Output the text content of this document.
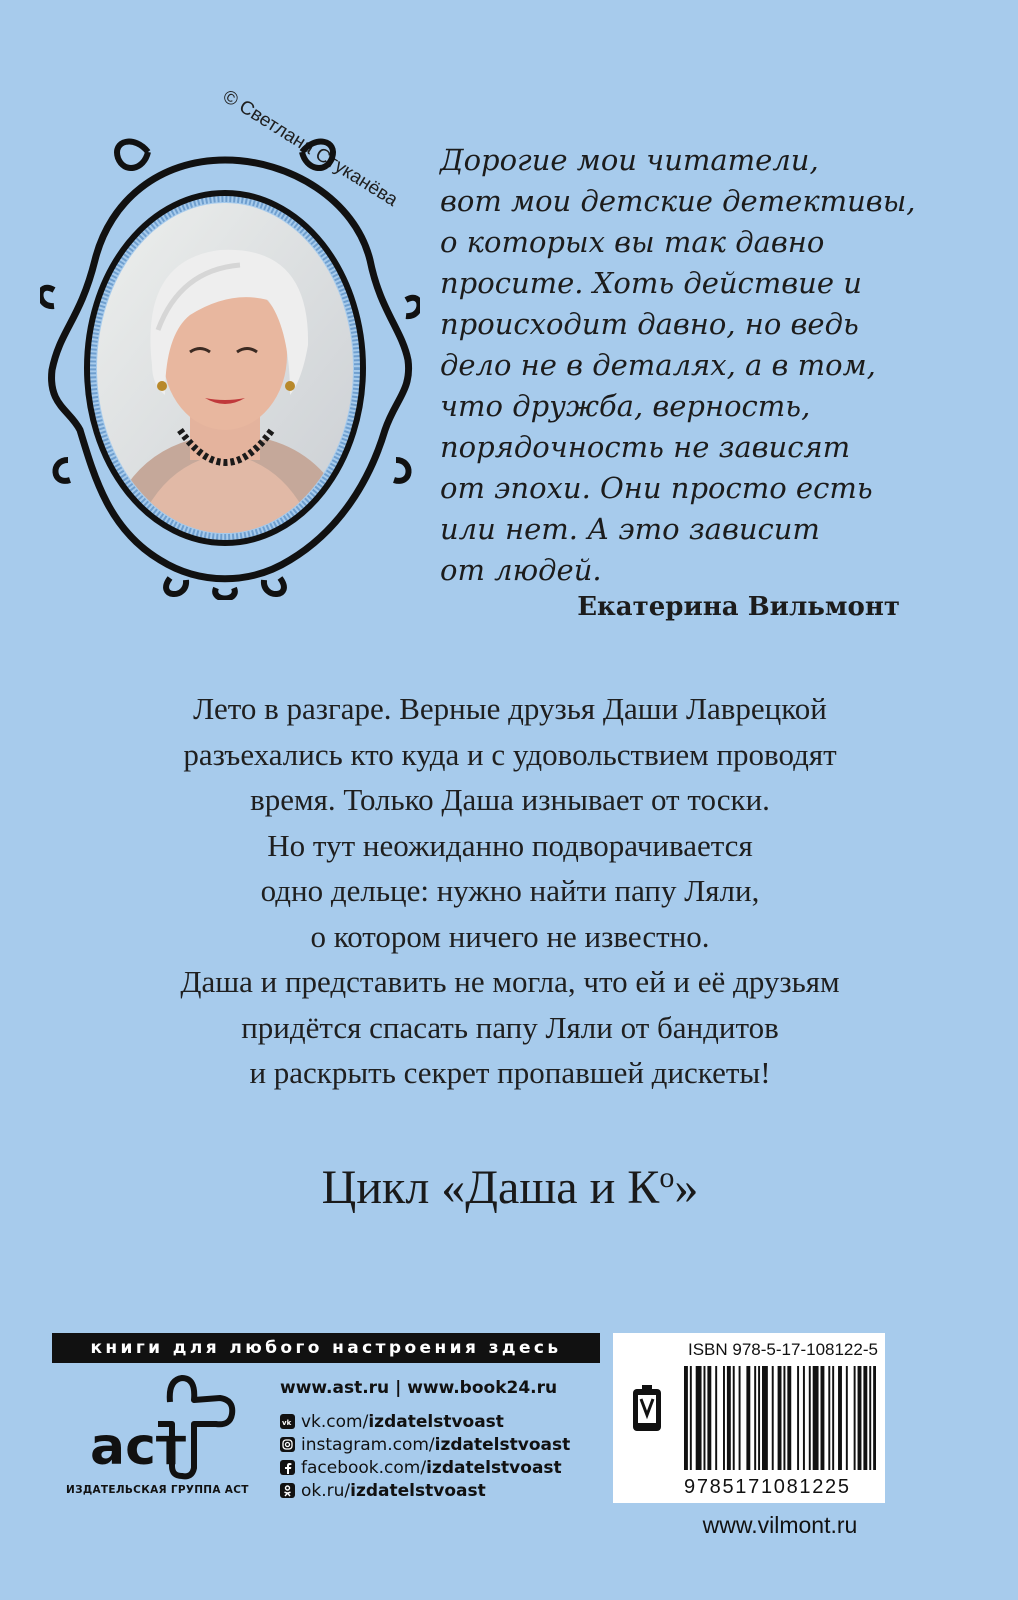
© Светлана Стуканёва Дорогие мои читатели,

вот мои детские детективы,

о которых вы так давно

просите. Хоть действие и

происходит давно, но ведь

дело не в деталях, а в том,

что дружба, верность,

порядочность не зависят

от эпохи. Они просто есть

или нет. А это зависит

от людей.

Екатерина Вильмонт

Лето в разгаре. Верные друзья Даши Лаврецкой

разъехались кто куда и с удовольствием проводят

время. Только Даша изнывает от тоски.

Но тут неожиданно подворачивается

одно дельце: нужно найти папу Ляли,

о котором ничего не известно.

Даша и представить не могла, что ей и её друзьям

придётся спасать папу Ляли от бандитов

и раскрыть секрет пропавшей дискеты!

Цикл «Даша и $К^о$»
книги для любого настроения здесь
аст
ИЗДАТЕЛЬСКАЯ ГРУППА АСТ
www.ast.ru | www.book24.ru
vk vk.com/ izdatelstvoast
instagram.com/ izdatelstvoast
facebook.com/ izdatelstvoast
ok.ru/ izdatelstvoast
ISBN 978-5-17-108122-5
9785171081225
www.vilmont.ru
